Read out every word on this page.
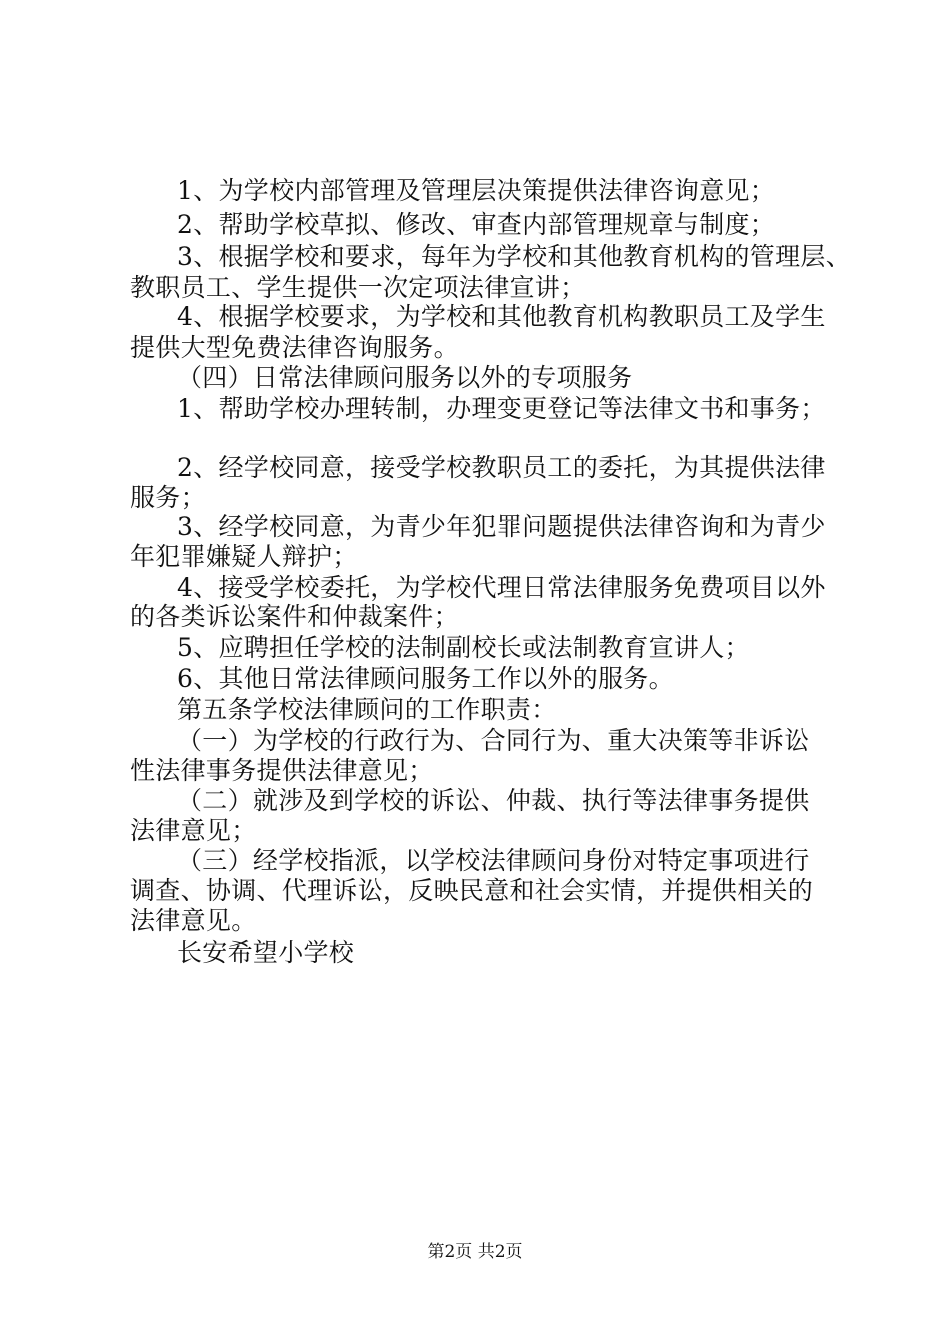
1、为学校内部管理及管理层决策提供法律咨询意见；
2、帮助学校草拟、修改、审查内部管理规章与制度；
3、根据学校和要求，每年为学校和其他教育机构的管理层、
教职员工、学生提供一次定项法律宣讲；
4、根据学校要求，为学校和其他教育机构教职员工及学生
提供大型免费法律咨询服务。
（四）日常法律顾问服务以外的专项服务
1、帮助学校办理转制，办理变更登记等法律文书和事务；
2、经学校同意，接受学校教职员工的委托，为其提供法律
服务；
3、经学校同意，为青少年犯罪问题提供法律咨询和为青少
年犯罪嫌疑人辩护；
4、接受学校委托，为学校代理日常法律服务免费项目以外
的各类诉讼案件和仲裁案件；
5、应聘担任学校的法制副校长或法制教育宣讲人；
6、其他日常法律顾问服务工作以外的服务。
第五条学校法律顾问的工作职责：
（一）为学校的行政行为、合同行为、重大决策等非诉讼
性法律事务提供法律意见；
（二）就涉及到学校的诉讼、仲裁、执行等法律事务提供
法律意见；
（三）经学校指派，以学校法律顾问身份对特定事项进行
调查、协调、代理诉讼，反映民意和社会实情，并提供相关的
法律意见。
长安希望小学校
第2页 共2页
